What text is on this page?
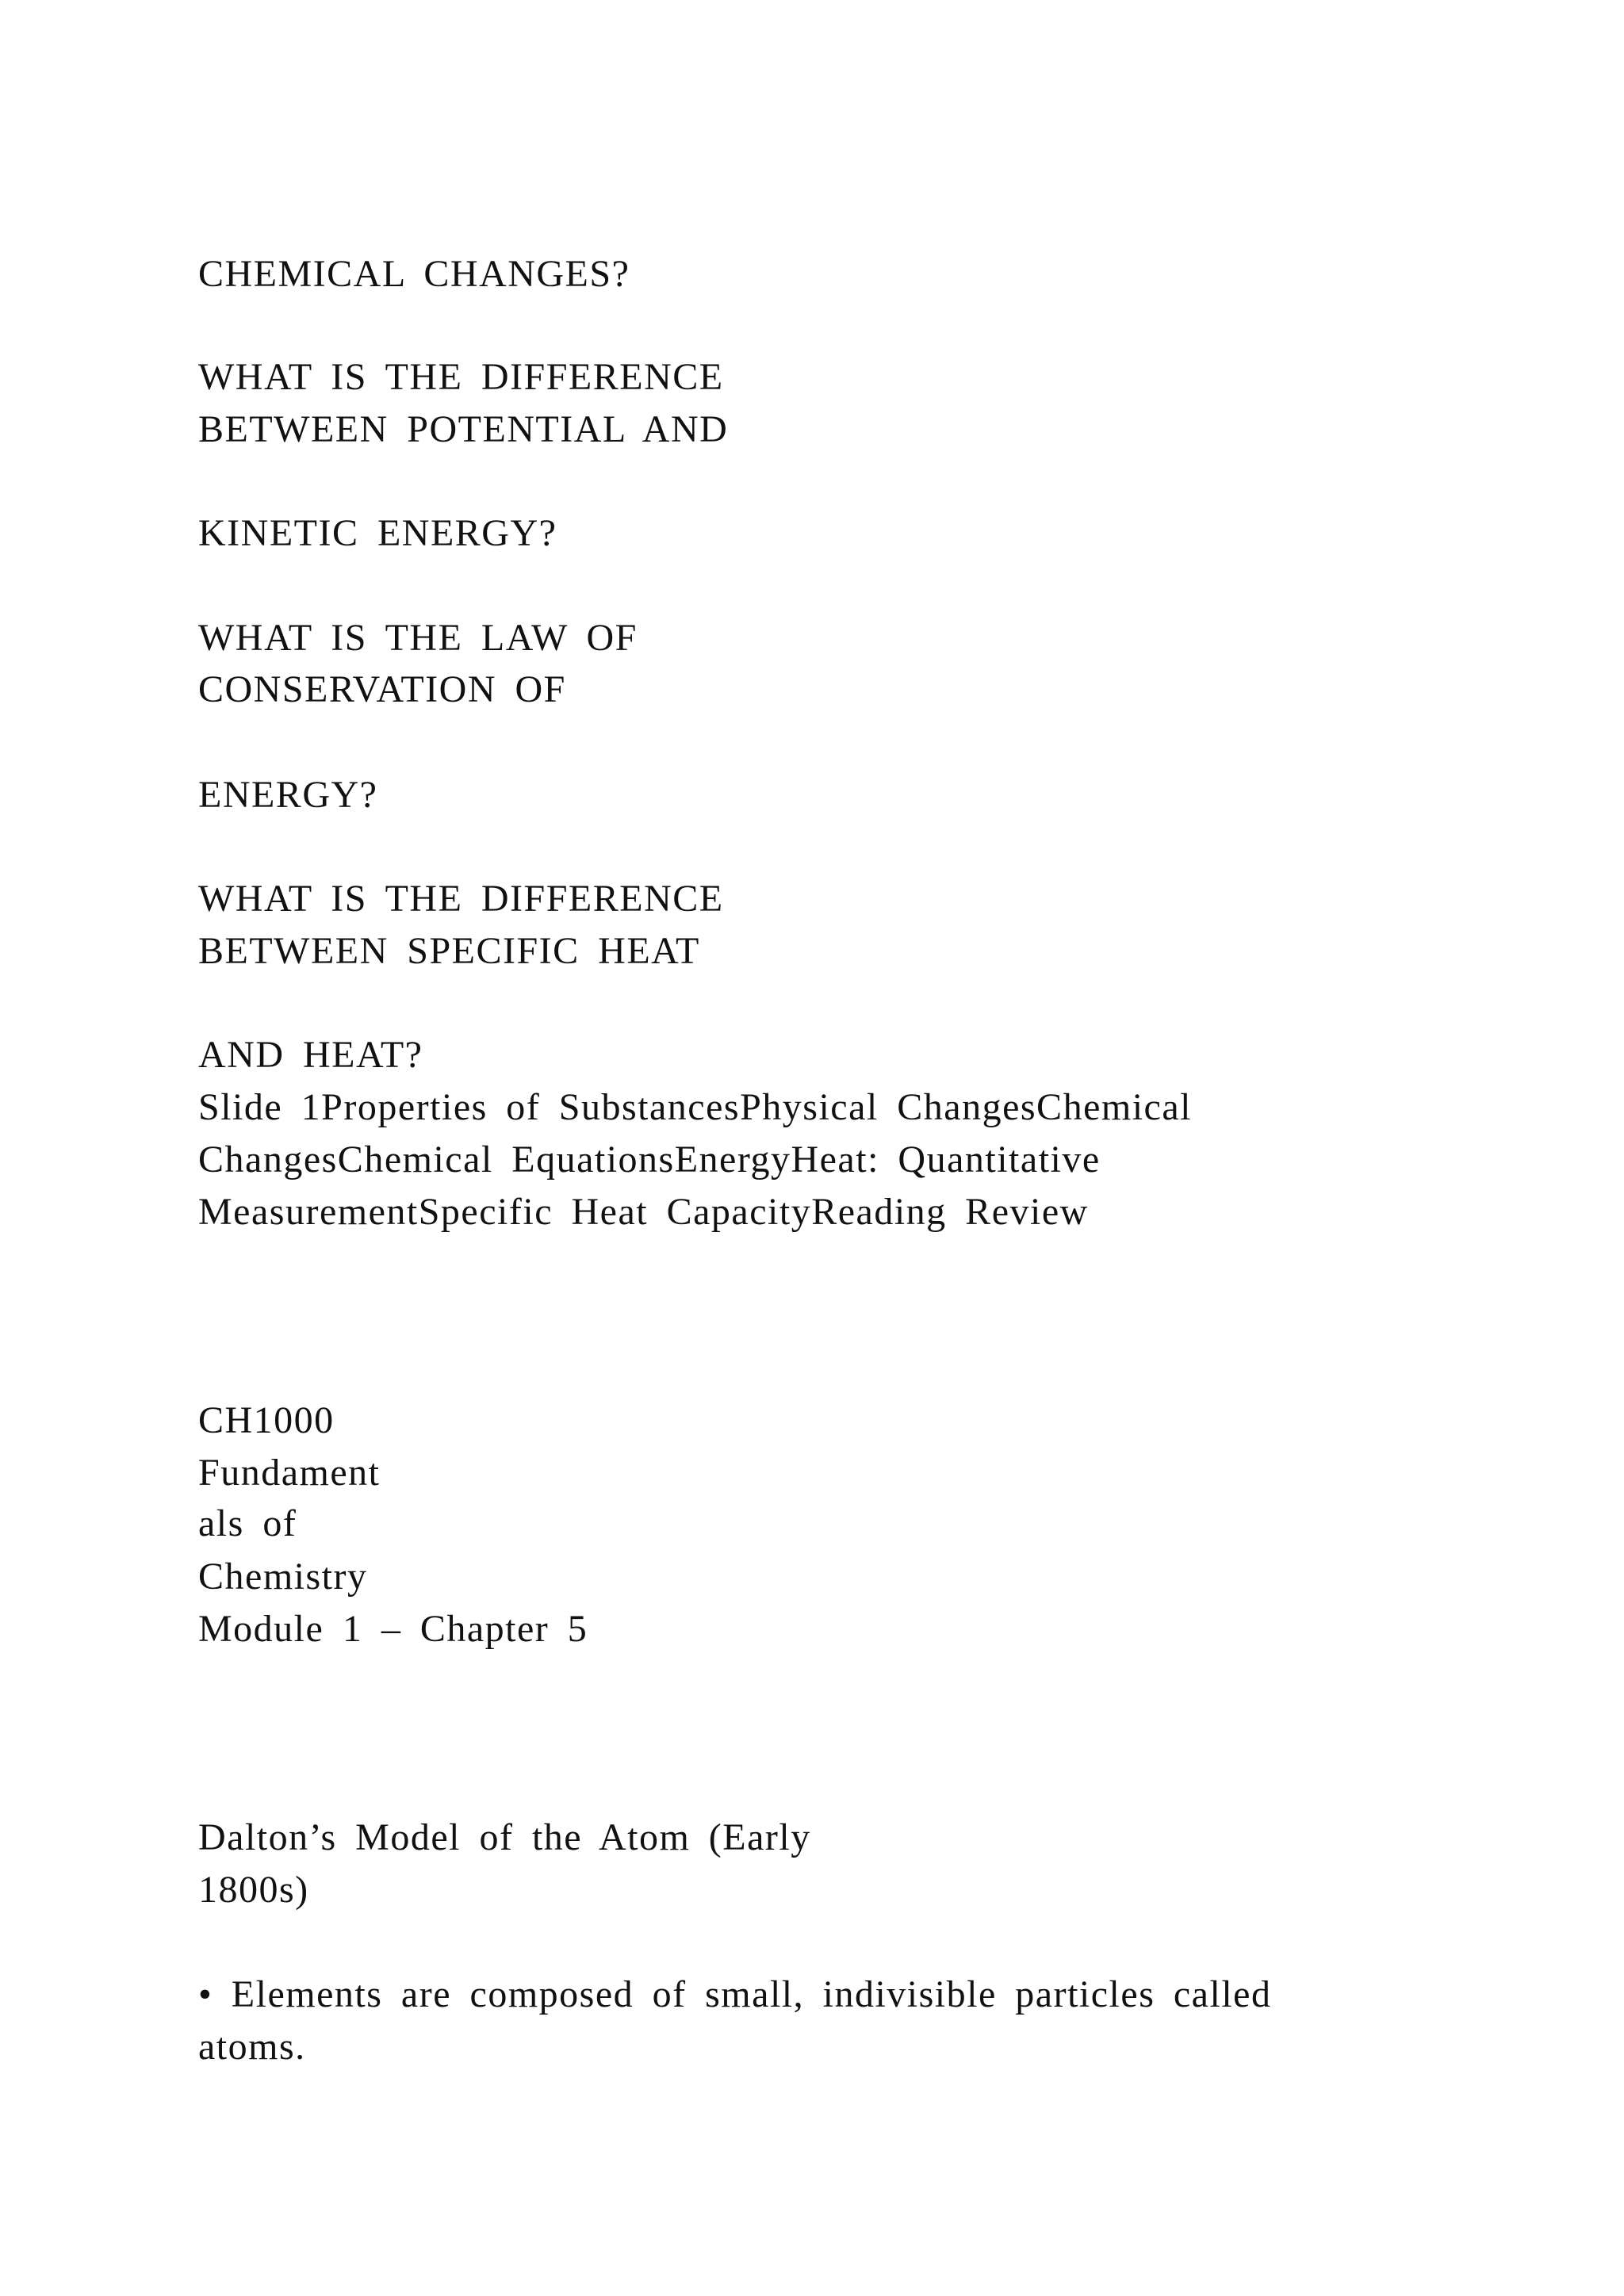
CHEMICAL CHANGES?
WHAT IS THE DIFFERENCE
BETWEEN POTENTIAL AND
KINETIC ENERGY?
WHAT IS THE LAW OF
CONSERVATION OF
ENERGY?
WHAT IS THE DIFFERENCE
BETWEEN SPECIFIC HEAT
AND HEAT?
Slide 1Properties of SubstancesPhysical ChangesChemical
ChangesChemical EquationsEnergyHeat: Quantitative
MeasurementSpecific Heat CapacityReading Review
CH1000
Fundament
als of
Chemistry
Module 1 – Chapter 5
Dalton’s Model of the Atom (Early
1800s)
• Elements are composed of small, indivisible particles called
atoms.
